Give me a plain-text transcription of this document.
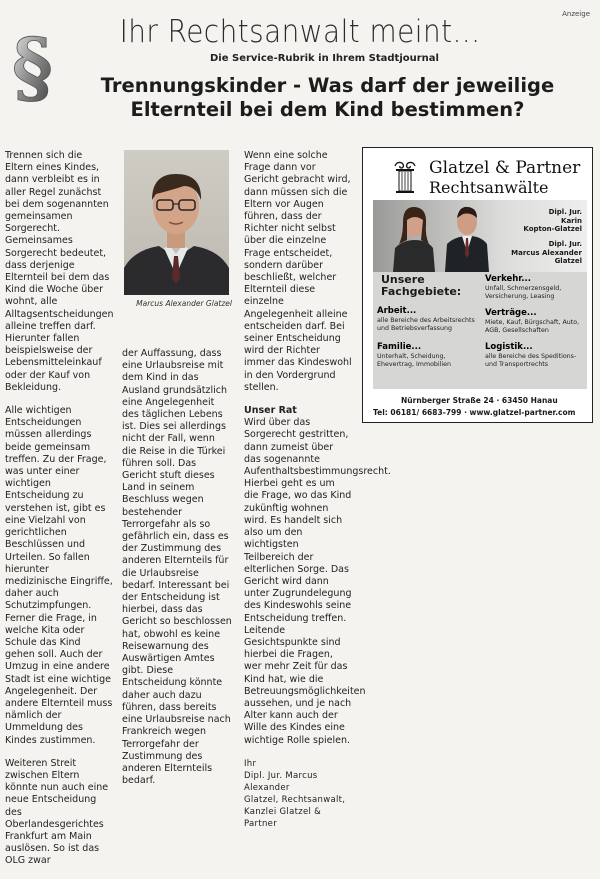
Anzeige
§	Ihr Rechtsanwalt meint...
Die Service-Rubrik in Ihrem Stadtjournal
Trennungskinder - Was darf der jeweilige Elternteil bei dem Kind bestimmen?

Trennen sich die Eltern eines Kindes, dann verbleibt es in aller Regel zunächst bei dem sogenannten gemeinsamen Sorgerecht. Gemeinsames Sorgerecht bedeutet, dass derjenige Elternteil bei dem das Kind die Woche über wohnt, alle Alltagsentscheidungen alleine treffen darf. Hierunter fallen beispielsweise der Lebensmitteleinkauf oder der Kauf von Bekleidung.

Alle wichtigen Entscheidungen müssen allerdings beide gemeinsam treffen. Zu der Frage, was unter einer wichtigen Entscheidung zu verstehen ist, gibt es eine Vielzahl von gerichtlichen Beschlüssen und Urteilen. So fallen hierunter medizinische Eingriffe, daher auch Schutzimpfungen. Ferner die Frage, in welche Kita oder Schule das Kind gehen soll. Auch der Umzug in eine andere Stadt ist eine wichtige Angelegenheit. Der andere Elternteil muss nämlich der Ummeldung des Kindes zustimmen.

Weiteren Streit zwischen Eltern könnte nun auch eine neue Entscheidung des Oberlandesgerichtes Frankfurt am Main auslösen. So ist das OLG zwar

Marcus Alexander Glatzel

der Auffassung, dass eine Urlaubsreise mit dem Kind in das Ausland grundsätzlich eine Angelegenheit des täglichen Lebens ist. Dies sei allerdings nicht der Fall, wenn die Reise in die Türkei führen soll. Das Gericht stuft dieses Land in seinem Beschluss wegen bestehender Terrorgefahr als so gefährlich ein, dass es der Zustimmung des anderen Elternteils für die Urlaubsreise bedarf. Interessant bei der Entscheidung ist hierbei, dass das Gericht so beschlossen hat, obwohl es keine Reisewarnung des Auswärtigen Amtes gibt. Diese Entscheidung könnte daher auch dazu führen, dass bereits eine Urlaubsreise nach Frankreich wegen Terrorgefahr der Zustimmung des anderen Elternteils bedarf.

Wenn eine solche Frage dann vor Gericht gebracht wird, dann müssen sich die Eltern vor Augen führen, dass der Richter nicht selbst über die einzelne Frage entscheidet, sondern darüber beschließt, welcher Elternteil diese einzelne Angelegenheit alleine entscheiden darf. Bei seiner Entscheidung wird der Richter immer das Kindeswohl in den Vordergrund stellen.

Unser Rat

Wird über das Sorgerecht gestritten, dann zumeist über das sogenannte Aufenthaltsbestimmungsrecht. Hierbei geht es um die Frage, wo das Kind zukünftig wohnen wird. Es handelt sich also um den wichtigsten Teilbereich der elterlichen Sorge. Das Gericht wird dann unter Zugrundelegung des Kindeswohls seine Entscheidung treffen. Leitende Gesichtspunkte sind hierbei die Fragen, wer mehr Zeit für das Kind hat, wie die Betreuungsmöglichkeiten aussehen, und je nach Alter kann auch der Wille des Kindes eine wichtige Rolle spielen.

Ihr
Dipl. Jur. Marcus Alexander
Glatzel, Rechtsanwalt,
Kanzlei Glatzel & Partner
Glatzel & Partner
Rechtsanwälte
Dipl. Jur.
Karin
Kopton-Glatzel
Dipl. Jur.
Marcus Alexander
Glatzel
Unsere
Fachgebiete:
Arbeit...
alle Bereiche des Arbeitsrechts und Betriebsverfassung
Familie...
Unterhalt, Scheidung, Ehevertrag, Immobilien
Verkehr...
Unfall, Schmerzensgeld, Versicherung, Leasing
Verträge...
Miete, Kauf, Bürgschaft, Auto, AGB, Gesellschaften
Logistik...
alle Bereiche des Speditions- und Transportrechts
Nürnberger Straße 24 · 63450 Hanau
Tel: 06181/ 6683-799 · www.glatzel-partner.com
